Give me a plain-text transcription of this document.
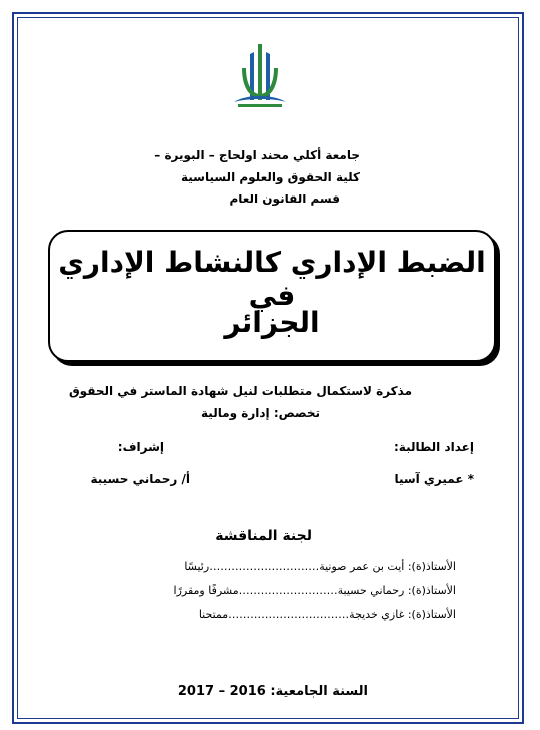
جامعة أكلي محند اولحاج – البويرة –
كلية الحقوق والعلوم السياسية
قسم القانون العام
الضبط الإداري كالنشاط الإداري في
الجزائر
مذكرة لاستكمال متطلبات لنيل شهادة الماستر في الحقوق
تخصص: إدارة ومالية
إعداد الطالبة:
إشراف:
* عميري آسيا
أ/ رحماني حسيبة
لجنة المناقشة
الأستاذ(ة): أيت بن عمر صونية…………………………رئيسًا
الأستاذ(ة): رحماني حسيبة………………………مشرفًا ومقررًا
الأستاذ(ة): غازي خديجة……………………………ممتحنا
السنة الجامعية: 2016 – 2017
